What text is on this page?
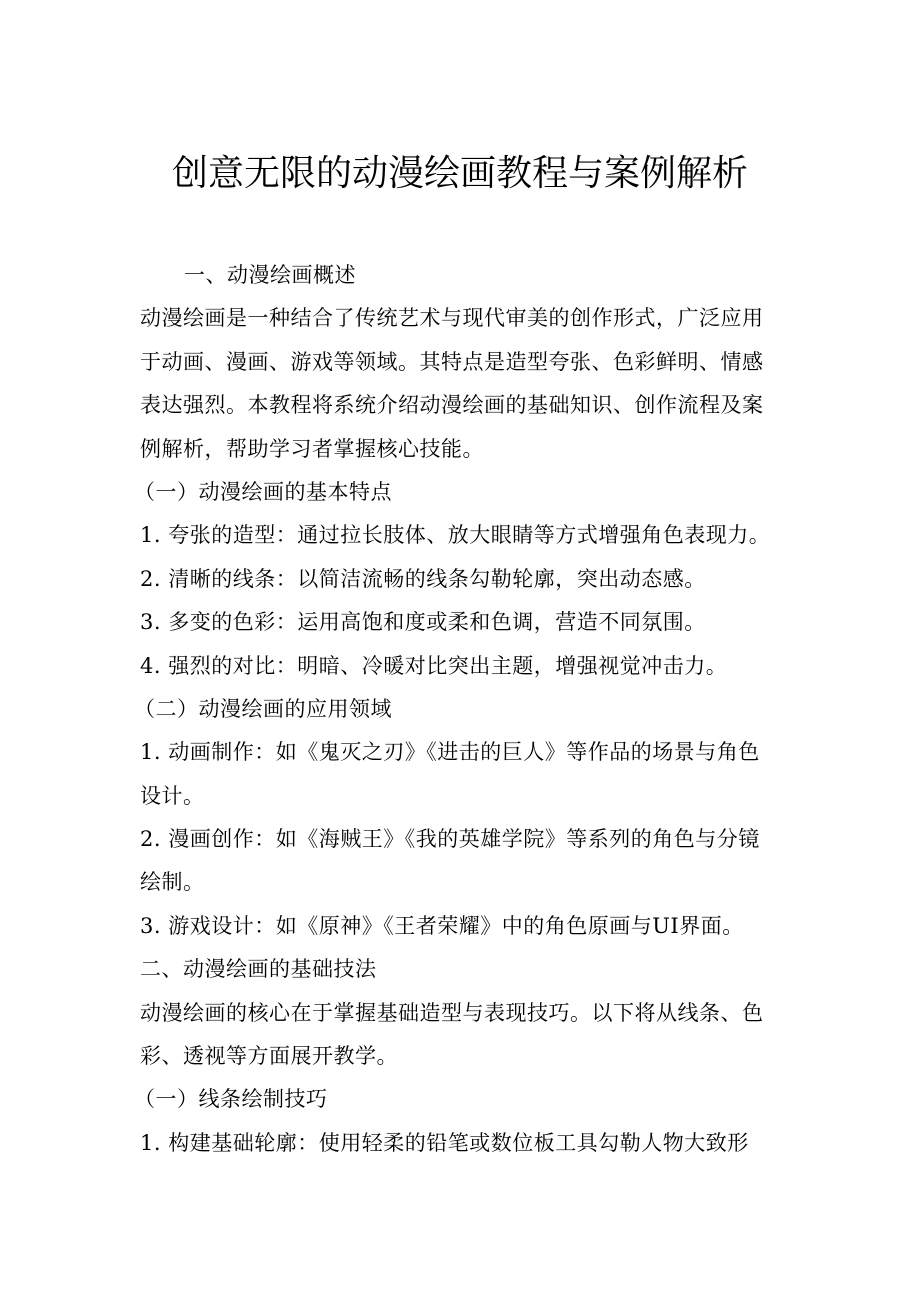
创意无限的动漫绘画教程与案例解析

一、动漫绘画概述

动漫绘画是一种结合了传统艺术与现代审美的创作形式，广泛应用

于动画、漫画、游戏等领域。其特点是造型夸张、色彩鲜明、情感

表达强烈。本教程将系统介绍动漫绘画的基础知识、创作流程及案

例解析，帮助学习者掌握核心技能。

（一）动漫绘画的基本特点

1. 夸张的造型：通过拉长肢体、放大眼睛等方式增强角色表现力。

2. 清晰的线条：以简洁流畅的线条勾勒轮廓，突出动态感。

3. 多变的色彩：运用高饱和度或柔和色调，营造不同氛围。

4. 强烈的对比：明暗、冷暖对比突出主题，增强视觉冲击力。

（二）动漫绘画的应用领域

1. 动画制作：如《鬼灭之刃》《进击的巨人》等作品的场景与角色

设计。

2. 漫画创作：如《海贼王》《我的英雄学院》等系列的角色与分镜

绘制。

3. 游戏设计：如《原神》《王者荣耀》中的角色原画与UI界面。

二、动漫绘画的基础技法

动漫绘画的核心在于掌握基础造型与表现技巧。以下将从线条、色

彩、透视等方面展开教学。

（一）线条绘制技巧

1. 构建基础轮廓：使用轻柔的铅笔或数位板工具勾勒人物大致形
